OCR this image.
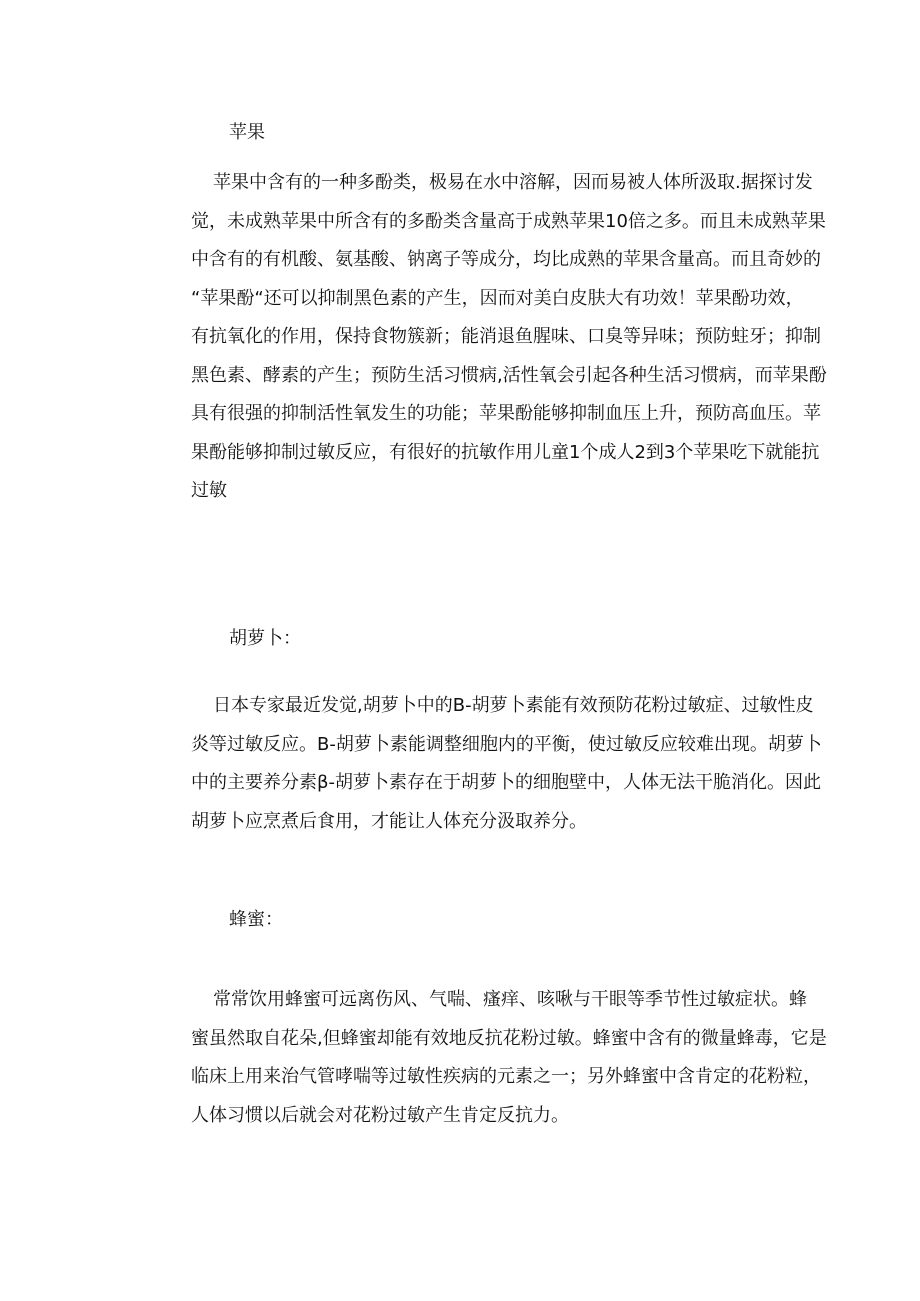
苹果
苹果中含有的一种多酚类，极易在水中溶解，因而易被人体所汲取.据探讨发
觉，未成熟苹果中所含有的多酚类含量高于成熟苹果10倍之多。而且未成熟苹果
中含有的有机酸、氨基酸、钠离子等成分，均比成熟的苹果含量高。而且奇妙的
“苹果酚“还可以抑制黑色素的产生，因而对美白皮肤大有功效！苹果酚功效，
有抗氧化的作用，保持食物簇新；能消退鱼腥味、口臭等异味；预防蛀牙；抑制
黑色素、酵素的产生；预防生活习惯病,活性氧会引起各种生活习惯病，而苹果酚
具有很强的抑制活性氧发生的功能；苹果酚能够抑制血压上升，预防高血压。苹
果酚能够抑制过敏反应，有很好的抗敏作用儿童1个成人2到3个苹果吃下就能抗
过敏
胡萝卜：
日本专家最近发觉,胡萝卜中的B-胡萝卜素能有效预防花粉过敏症、过敏性皮
炎等过敏反应。B-胡萝卜素能调整细胞内的平衡，使过敏反应较难出现。胡萝卜
中的主要养分素β-胡萝卜素存在于胡萝卜的细胞壁中，人体无法干脆消化。因此
胡萝卜应烹煮后食用，才能让人体充分汲取养分。
蜂蜜：
常常饮用蜂蜜可远离伤风、气喘、瘙痒、咳啾与干眼等季节性过敏症状。蜂
蜜虽然取自花朵,但蜂蜜却能有效地反抗花粉过敏。蜂蜜中含有的微量蜂毒，它是
临床上用来治气管哮喘等过敏性疾病的元素之一；另外蜂蜜中含肯定的花粉粒，
人体习惯以后就会对花粉过敏产生肯定反抗力。
